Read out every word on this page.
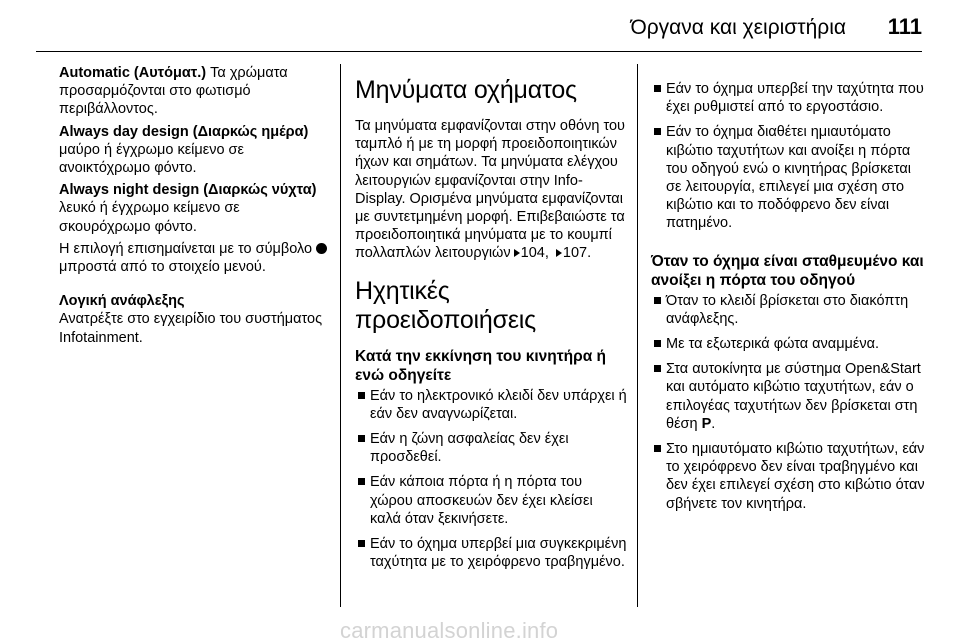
Όργανα και χειριστήρια 111

Automatic (Αυτόματ.) Τα χρώματα προσαρμόζονται στο φωτισμό περιβάλλοντος.

Always day design (Διαρκώς ημέρα)
μαύρο ή έγχρωμο κείμενο σε ανοικτόχρωμο φόντο.

Always night design (Διαρκώς νύχτα) λευκό ή έγχρωμο κείμενο σε σκουρόχρωμο φόντο.

Η επιλογή επισημαίνεται με το σύμβολο  μπροστά από το στοιχείο μενού.

Λογική ανάφλεξης

Ανατρέξτε στο εγχειρίδιο του συστήματος Infotainment.

Μηνύματα οχήματος

Τα μηνύματα εμφανίζονται στην οθόνη του ταμπλό ή με τη μορφή προειδοποιητικών ήχων και σημάτων. Τα μηνύματα ελέγχου λειτουργιών εμφανίζονται στην Info-Display. Ορισμένα μηνύματα εμφανίζονται με συντετμημένη μορφή. Επιβεβαιώστε τα προειδοποιητικά μηνύματα με το κουμπί πολλαπλών λειτουργιών 104, 107.

Ηχητικές προειδοποιήσεις
Κατά την εκκίνηση του κινητήρα ή ενώ οδηγείτε
Εάν το ηλεκτρονικό κλειδί δεν υπάρχει ή εάν δεν αναγνωρίζεται.
Εάν η ζώνη ασφαλείας δεν έχει προσδεθεί.
Εάν κάποια πόρτα ή η πόρτα του χώρου αποσκευών δεν έχει κλείσει καλά όταν ξεκινήσετε.
Εάν το όχημα υπερβεί μια συγκεκριμένη ταχύτητα με το χειρόφρενο τραβηγμένο.
Εάν το όχημα υπερβεί την ταχύτητα που έχει ρυθμιστεί από το εργοστάσιο.
Εάν το όχημα διαθέτει ημιαυτόματο κιβώτιο ταχυτήτων και ανοίξει η πόρτα του οδηγού ενώ ο κινητήρας βρίσκεται σε λειτουργία, επιλεγεί μια σχέση στο κιβώτιο και το ποδόφρενο δεν είναι πατημένο.
Όταν το όχημα είναι σταθμευμένο και ανοίξει η πόρτα του οδηγού
Όταν το κλειδί βρίσκεται στο διακόπτη ανάφλεξης.
Με τα εξωτερικά φώτα αναμμένα.
Στα αυτοκίνητα με σύστημα Open&Start και αυτόματο κιβώτιο ταχυτήτων, εάν ο επιλογέας ταχυτήτων δεν βρίσκεται στη θέση P.
Στο ημιαυτόματο κιβώτιο ταχυτήτων, εάν το χειρόφρενο δεν είναι τραβηγμένο και δεν έχει επιλεγεί σχέση στο κιβώτιο όταν σβήνετε τον κινητήρα.
carmanualsonline.info
